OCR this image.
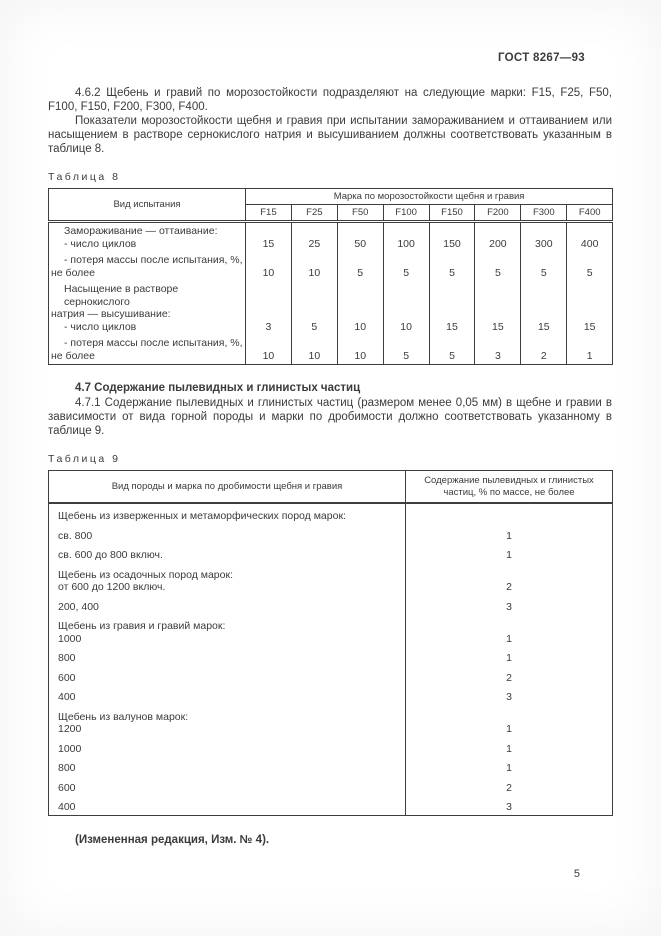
ГОСТ 8267—93

4.6.2 Щебень и гравий по морозостойкости подразделяют на следующие марки: F15, F25, F50, F100, F150, F200, F300, F400.

Показатели морозостойкости щебня и гравия при испытании замораживанием и оттаиванием или насыщением в растворе сернокислого натрия и высушиванием должны соответствовать указанным в таблице 8.

Таблица 8
Вид испытания	Марка по морозостойкости щебня и гравия							
	F15	F25	F50	F100	F150	F200	F300	F400

Замораживание — оттаивание:
- число циклов	15	25	50	100	150	200	300	400

- потеря массы после испытания, %,
не более	10	10	5	5	5	5	5	5

Насыщение в растворе сернокислого
натрия — высушивание:
- число циклов	3	5	10	10	15	15	15	15

- потеря массы после испытания, %,
не более	10	10	10	5	5	3	2	1
4.7 Содержание пылевидных и глинистых частиц

4.7.1 Содержание пылевидных и глинистых частиц (размером менее 0,05 мм) в щебне и гравии в зависимости от вида горной породы и марки по дробимости должно соответствовать указанному в таблице 9.

Таблица 9
Вид породы и марка по дробимости щебня и гравия	Содержание пылевидных и глинистых частиц, % по массе, не более

Щебень из изверженных и метаморфических пород марок:	

св. 800	1

св. 600 до 800 включ.	1

Щебень из осадочных пород марок:
от 600 до 1200 включ.	2

200, 400	3

Щебень из гравия и гравий марок:
1000	1

800	1

600	2

400	3

Щебень из валунов марок:
1200	1

1000	1

800	1

600	2

400	3

(Измененная редакция, Изм. № 4).

5
